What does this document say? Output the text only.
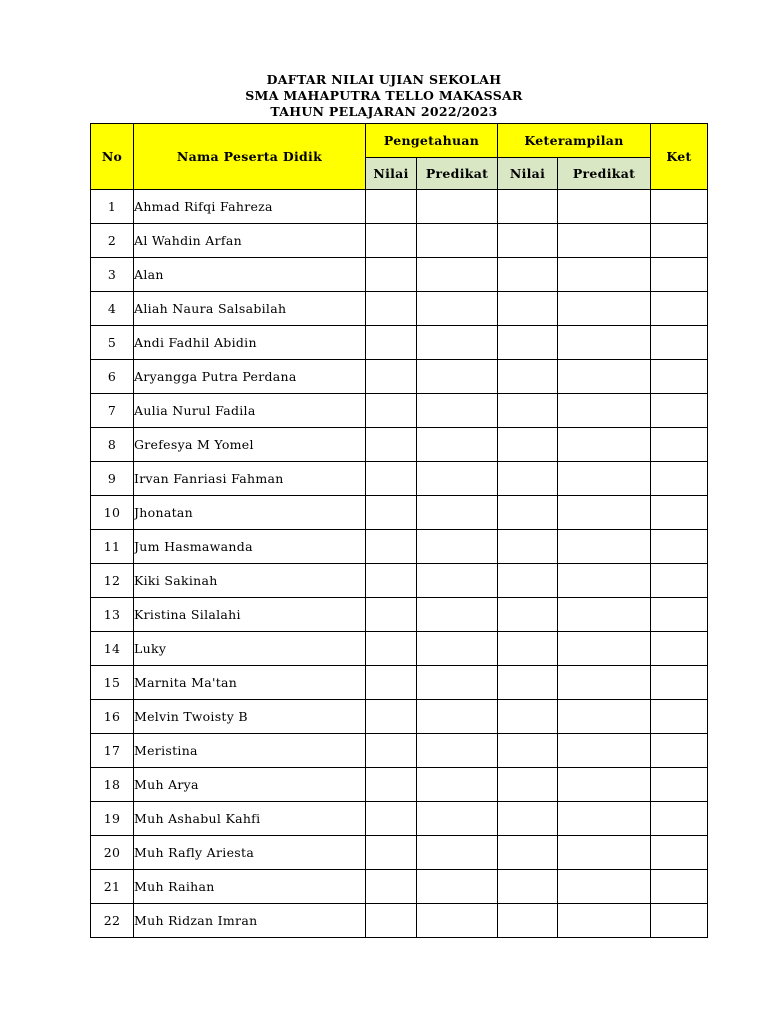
DAFTAR NILAI UJIAN SEKOLAH
SMA MAHAPUTRA TELLO MAKASSAR
TAHUN PELAJARAN 2022/2023
No	Nama Peserta Didik	Pengetahuan		Keterampilan		Ket
		Nilai	Predikat	Nilai	Predikat	
1	Ahmad Rifqi Fahreza					
2	Al Wahdin Arfan					
3	Alan					
4	Aliah Naura Salsabilah					
5	Andi Fadhil Abidin					
6	Aryangga Putra Perdana					
7	Aulia Nurul Fadila					
8	Grefesya M Yomel					
9	Irvan Fanriasi Fahman					
10	Jhonatan					
11	Jum Hasmawanda					
12	Kiki Sakinah					
13	Kristina Silalahi					
14	Luky					
15	Marnita Ma'tan					
16	Melvin Twoisty B					
17	Meristina					
18	Muh Arya					
19	Muh Ashabul Kahfi					
20	Muh Rafly Ariesta					
21	Muh Raihan					
22	Muh Ridzan Imran					
